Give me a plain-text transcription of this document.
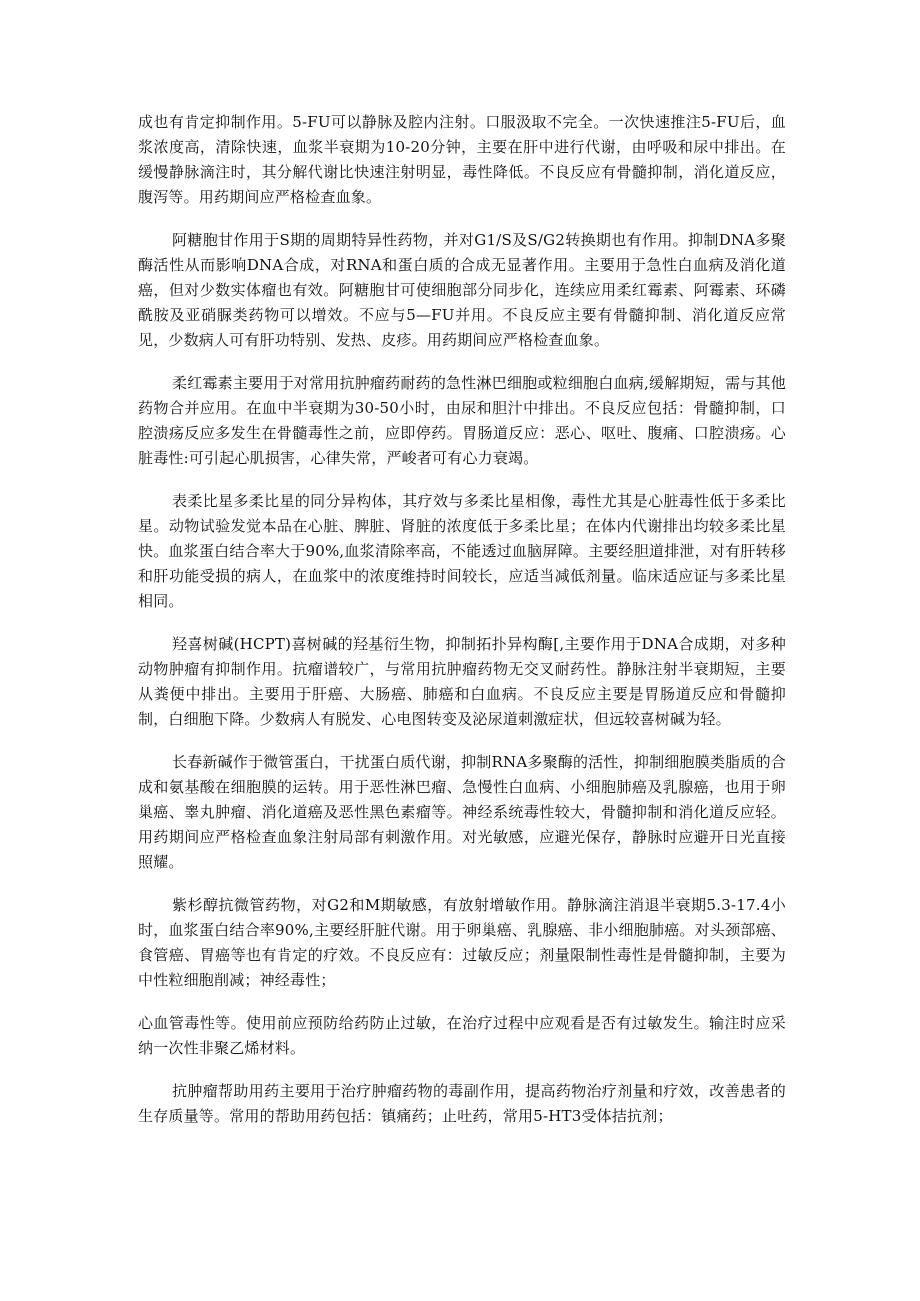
成也有肯定抑制作用。5-FU可以静脉及腔内注射。口服汲取不完全。一次快速推注5-FU后，血浆浓度高，清除快速，血浆半衰期为10-20分钟，主要在肝中进行代谢，由呼吸和尿中排出。在缓慢静脉滴注时，其分解代谢比快速注射明显，毒性降低。不良反应有骨髓抑制，消化道反应，腹泻等。用药期间应严格检查血象。

阿糖胞甘作用于S期的周期特异性药物，并对G1/S及S/G2转换期也有作用。抑制DNA多聚酶活性从而影响DNA合成，对RNA和蛋白质的合成无显著作用。主要用于急性白血病及消化道癌，但对少数实体瘤也有效。阿糖胞甘可使细胞部分同步化，连续应用柔红霉素、阿霉素、环磷酰胺及亚硝脲类药物可以增效。不应与5—FU并用。不良反应主要有骨髓抑制、消化道反应常见，少数病人可有肝功特别、发热、皮疹。用药期间应严格检查血象。

柔红霉素主要用于对常用抗肿瘤药耐药的急性淋巴细胞或粒细胞白血病,缓解期短，需与其他药物合并应用。在血中半衰期为30-50小时，由尿和胆汁中排出。不良反应包括：骨髓抑制，口腔溃疡反应多发生在骨髓毒性之前，应即停药。胃肠道反应：恶心、呕吐、腹痛、口腔溃疡。心脏毒性:可引起心肌损害，心律失常，严峻者可有心力衰竭。

表柔比星多柔比星的同分异构体，其疗效与多柔比星相像，毒性尤其是心脏毒性低于多柔比星。动物试验发觉本品在心脏、脾脏、肾脏的浓度低于多柔比星；在体内代谢排出均较多柔比星快。血浆蛋白结合率大于90%,血浆清除率高，不能透过血脑屏障。主要经胆道排泄，对有肝转移和肝功能受损的病人，在血浆中的浓度维持时间较长，应适当减低剂量。临床适应证与多柔比星相同。

羟喜树碱(HCPT)喜树碱的羟基衍生物，抑制拓扑异构酶[,主要作用于DNA合成期，对多种动物肿瘤有抑制作用。抗瘤谱较广，与常用抗肿瘤药物无交叉耐药性。静脉注射半衰期短，主要从粪便中排出。主要用于肝癌、大肠癌、肺癌和白血病。不良反应主要是胃肠道反应和骨髓抑制，白细胞下降。少数病人有脱发、心电图转变及泌尿道刺激症状，但远较喜树碱为轻。

长春新碱作于微管蛋白，干扰蛋白质代谢，抑制RNA多聚酶的活性，抑制细胞膜类脂质的合成和氨基酸在细胞膜的运转。用于恶性淋巴瘤、急慢性白血病、小细胞肺癌及乳腺癌，也用于卵巢癌、睾丸肿瘤、消化道癌及恶性黑色素瘤等。神经系统毒性较大，骨髓抑制和消化道反应轻。用药期间应严格检查血象注射局部有刺激作用。对光敏感，应避光保存，静脉时应避开日光直接照耀。

紫杉醇抗微管药物，对G2和M期敏感，有放射增敏作用。静脉滴注消退半衰期5.3-17.4小时，血浆蛋白结合率90%,主要经肝脏代谢。用于卵巢癌、乳腺癌、非小细胞肺癌。对头颈部癌、食管癌、胃癌等也有肯定的疗效。不良反应有：过敏反应；剂量限制性毒性是骨髓抑制，主要为中性粒细胞削减；神经毒性；

心血管毒性等。使用前应预防给药防止过敏，在治疗过程中应观看是否有过敏发生。输注时应采纳一次性非聚乙烯材料。

抗肿瘤帮助用药主要用于治疗肿瘤药物的毒副作用，提高药物治疗剂量和疗效，改善患者的生存质量等。常用的帮助用药包括：镇痛药；止吐药，常用5-HT3受体拮抗剂；
